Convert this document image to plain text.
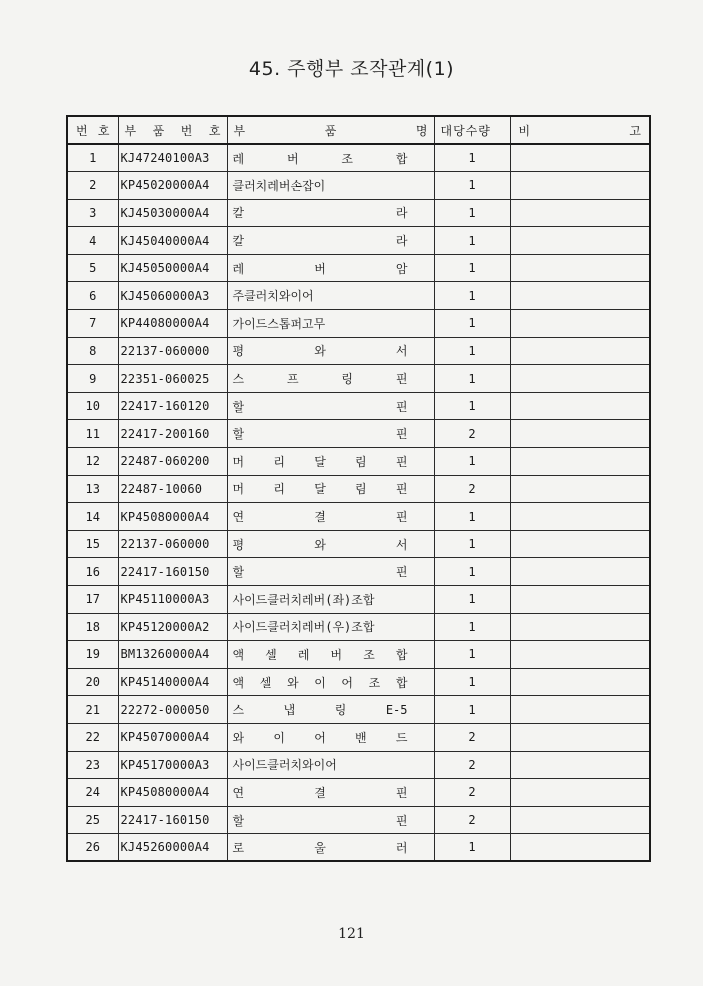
45. 주행부 조작관계(1)
번 호	부 품 번 호	부 품 명	대당수량	비 고
1	KJ47240100A3	레 버 조 합	1	
2	KP45020000A4	클러치레버손잡이	1	
3	KJ45030000A4	칼 라	1	
4	KJ45040000A4	칼 라	1	
5	KJ45050000A4	레 버 암	1	
6	KJ45060000A3	주클러치와이어	1	
7	KP44080000A4	가이드스톱퍼고무	1	
8	22137-060000	평 와 서	1	
9	22351-060025	스 프 링 핀	1	
10	22417-160120	할 핀	1	
11	22417-200160	할 핀	2	
12	22487-060200	머 리 달 림 핀	1	
13	22487-10060	머 리 달 림 핀	2	
14	KP45080000A4	연 결 핀	1	
15	22137-060000	평 와 서	1	
16	22417-160150	할 핀	1	
17	KP45110000A3	사이드클러치레버(좌)조합	1	
18	KP45120000A2	사이드클러치레버(우)조합	1	
19	BM13260000A4	액 셀 레 버 조 합	1	
20	KP45140000A4	액 셀 와 이 어 조 합	1	
21	22272-000050	스 냅 링 E-5	1	
22	KP45070000A4	와 이 어 밴 드	2	
23	KP45170000A3	사이드클러치와이어	2	
24	KP45080000A4	연 결 핀	2	
25	22417-160150	할 핀	2	
26	KJ45260000A4	로 울 러	1	
121
